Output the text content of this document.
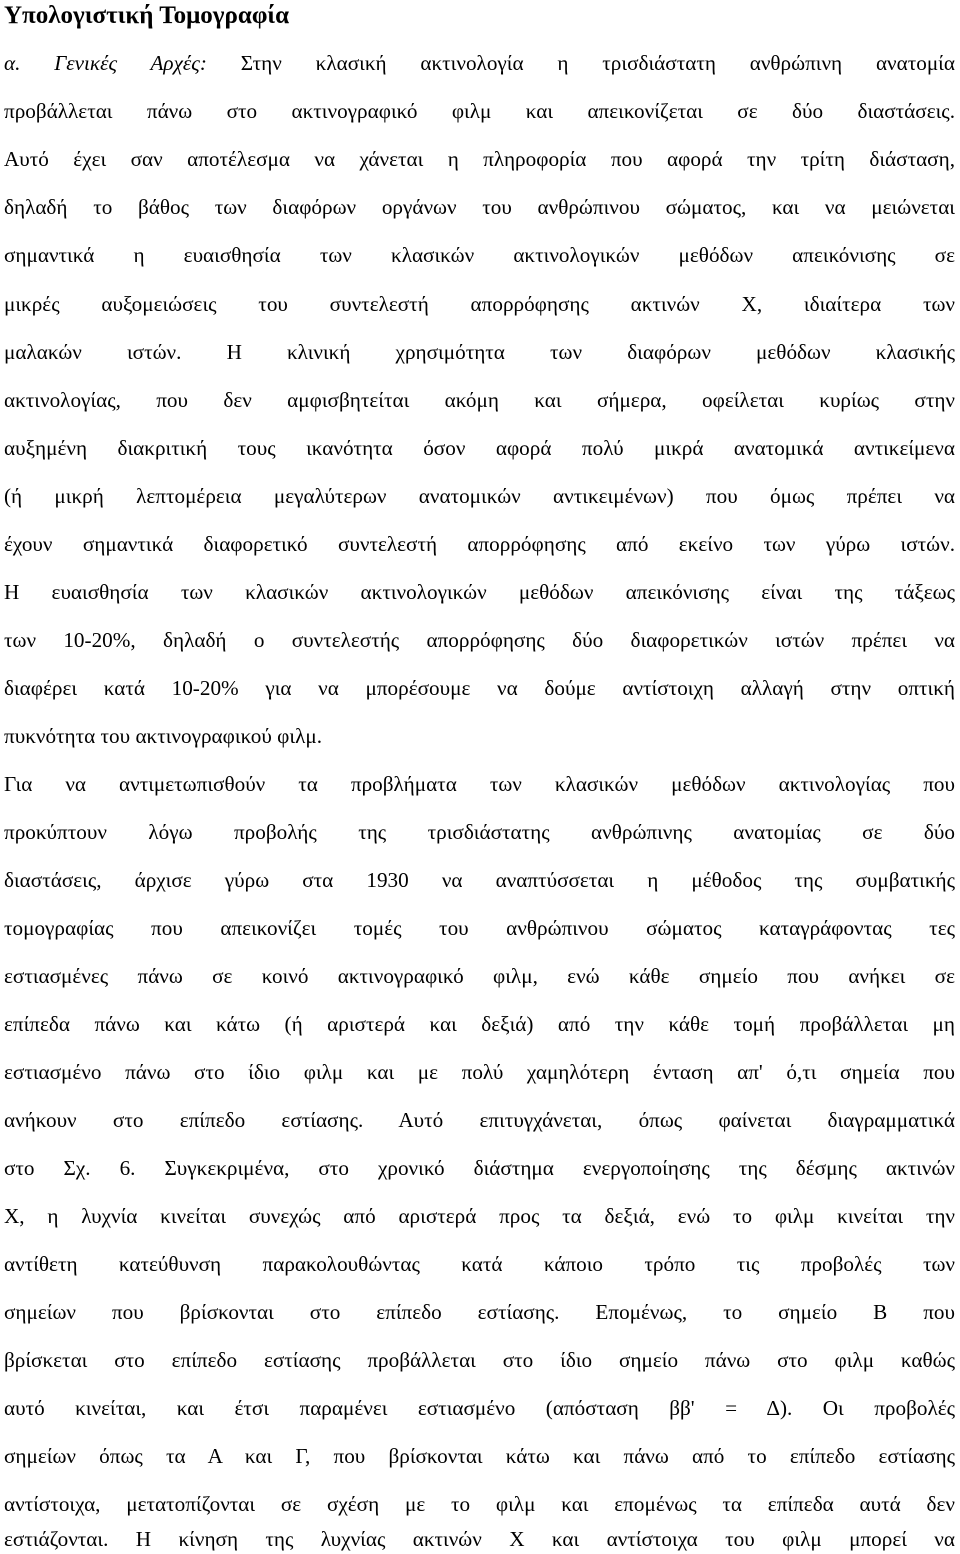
Υπολογιστική Τομογραφία
α. Γενικές Αρχές: Στην κλασική ακτινολογία η τρισδιάστατη ανθρώπινη ανατομία
προβάλλεται πάνω στο ακτινογραφικό φιλμ και απεικονίζεται σε δύο διαστάσεις.
Αυτό έχει σαν αποτέλεσμα να χάνεται η πληροφορία που αφορά την τρίτη διάσταση,
δηλαδή το βάθος των διαφόρων οργάνων του ανθρώπινου σώματος, και να μειώνεται
σημαντικά η ευαισθησία των κλασικών ακτινολογικών μεθόδων απεικόνισης σε
μικρές αυξομειώσεις του συντελεστή απορρόφησης ακτινών Χ, ιδιαίτερα των
μαλακών ιστών. Η κλινική χρησιμότητα των διαφόρων μεθόδων κλασικής
ακτινολογίας, που δεν αμφισβητείται ακόμη και σήμερα, οφείλεται κυρίως στην
αυξημένη διακριτική τους ικανότητα όσον αφορά πολύ μικρά ανατομικά αντικείμενα
(ή μικρή λεπτομέρεια μεγαλύτερων ανατομικών αντικειμένων) που όμως πρέπει να
έχουν σημαντικά διαφορετικό συντελεστή απορρόφησης από εκείνο των γύρω ιστών.
Η ευαισθησία των κλασικών ακτινολογικών μεθόδων απεικόνισης είναι της τάξεως
των 10-20%, δηλαδή ο συντελεστής απορρόφησης δύο διαφορετικών ιστών πρέπει να
διαφέρει κατά 10-20% για να μπορέσουμε να δούμε αντίστοιχη αλλαγή στην οπτική
πυκνότητα του ακτινογραφικού φιλμ.
Για να αντιμετωπισθούν τα προβλήματα των κλασικών μεθόδων ακτινολογίας που
προκύπτουν λόγω προβολής της τρισδιάστατης ανθρώπινης ανατομίας σε δύο
διαστάσεις, άρχισε γύρω στα 1930 να αναπτύσσεται η μέθοδος της συμβατικής
τομογραφίας που απεικονίζει τομές του ανθρώπινου σώματος καταγράφοντας τες
εστιασμένες πάνω σε κοινό ακτινογραφικό φιλμ, ενώ κάθε σημείο που ανήκει σε
επίπεδα πάνω και κάτω (ή αριστερά και δεξιά) από την κάθε τομή προβάλλεται μη
εστιασμένο πάνω στο ίδιο φιλμ και με πολύ χαμηλότερη ένταση απ' ό,τι σημεία που
ανήκουν στο επίπεδο εστίασης. Αυτό επιτυγχάνεται, όπως φαίνεται διαγραμματικά
στο Σχ. 6. Συγκεκριμένα, στο χρονικό διάστημα ενεργοποίησης της δέσμης ακτινών
Χ, η λυχνία κινείται συνεχώς από αριστερά προς τα δεξιά, ενώ το φιλμ κινείται την
αντίθετη κατεύθυνση παρακολουθώντας κατά κάποιο τρόπο τις προβολές των
σημείων που βρίσκονται στο επίπεδο εστίασης. Επομένως, το σημείο Β που
βρίσκεται στο επίπεδο εστίασης προβάλλεται στο ίδιο σημείο πάνω στο φιλμ καθώς
αυτό κινείται, και έτσι παραμένει εστιασμένο (απόσταση ββ' = Δ). Οι προβολές
σημείων όπως τα Α και Γ, που βρίσκονται κάτω και πάνω από το επίπεδο εστίασης
αντίστοιχα, μετατοπίζονται σε σχέση με το φιλμ και επομένως τα επίπεδα αυτά δεν
εστιάζονται. Η κίνηση της λυχνίας ακτινών Χ και αντίστοιχα του φιλμ μπορεί να
